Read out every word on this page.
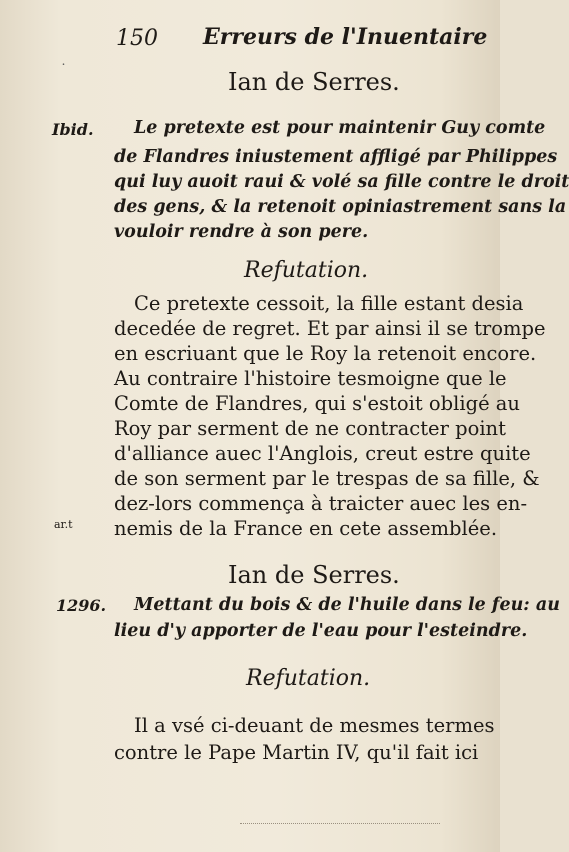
150 Erreurs de l'Inuentaire
Ian de Serres.
Ibid. Le pretexte est pour maintenir Guy comte
de Flandres iniustement affligé par Philippes
qui luy auoit raui & volé sa fille contre le droit
des gens, & la retenoit opiniastrement sans la
vouloir rendre à son pere.
Refutation.
Ce pretexte cessoit, la fille estant desia
decedée de regret. Et par ainsi il se trompe
en escriuant que le Roy la retenoit encore.
Au contraire l'histoire tesmoigne que le
Comte de Flandres, qui s'estoit obligé au
Roy par serment de ne contracter point
d'alliance auec l'Anglois, creut estre quite
de son serment par le trespas de sa fille, &
dez-lors commença à traicter auec les en-
nemis de la France en cete assemblée.
ar.t
Ian de Serres.
1296. Mettant du bois & de l'huile dans le feu: au
lieu d'y apporter de l'eau pour l'esteindre.
Refutation.
Il a vsé ci-deuant de mesmes termes
contre le Pape Martin IV, qu'il fait ici
˙
